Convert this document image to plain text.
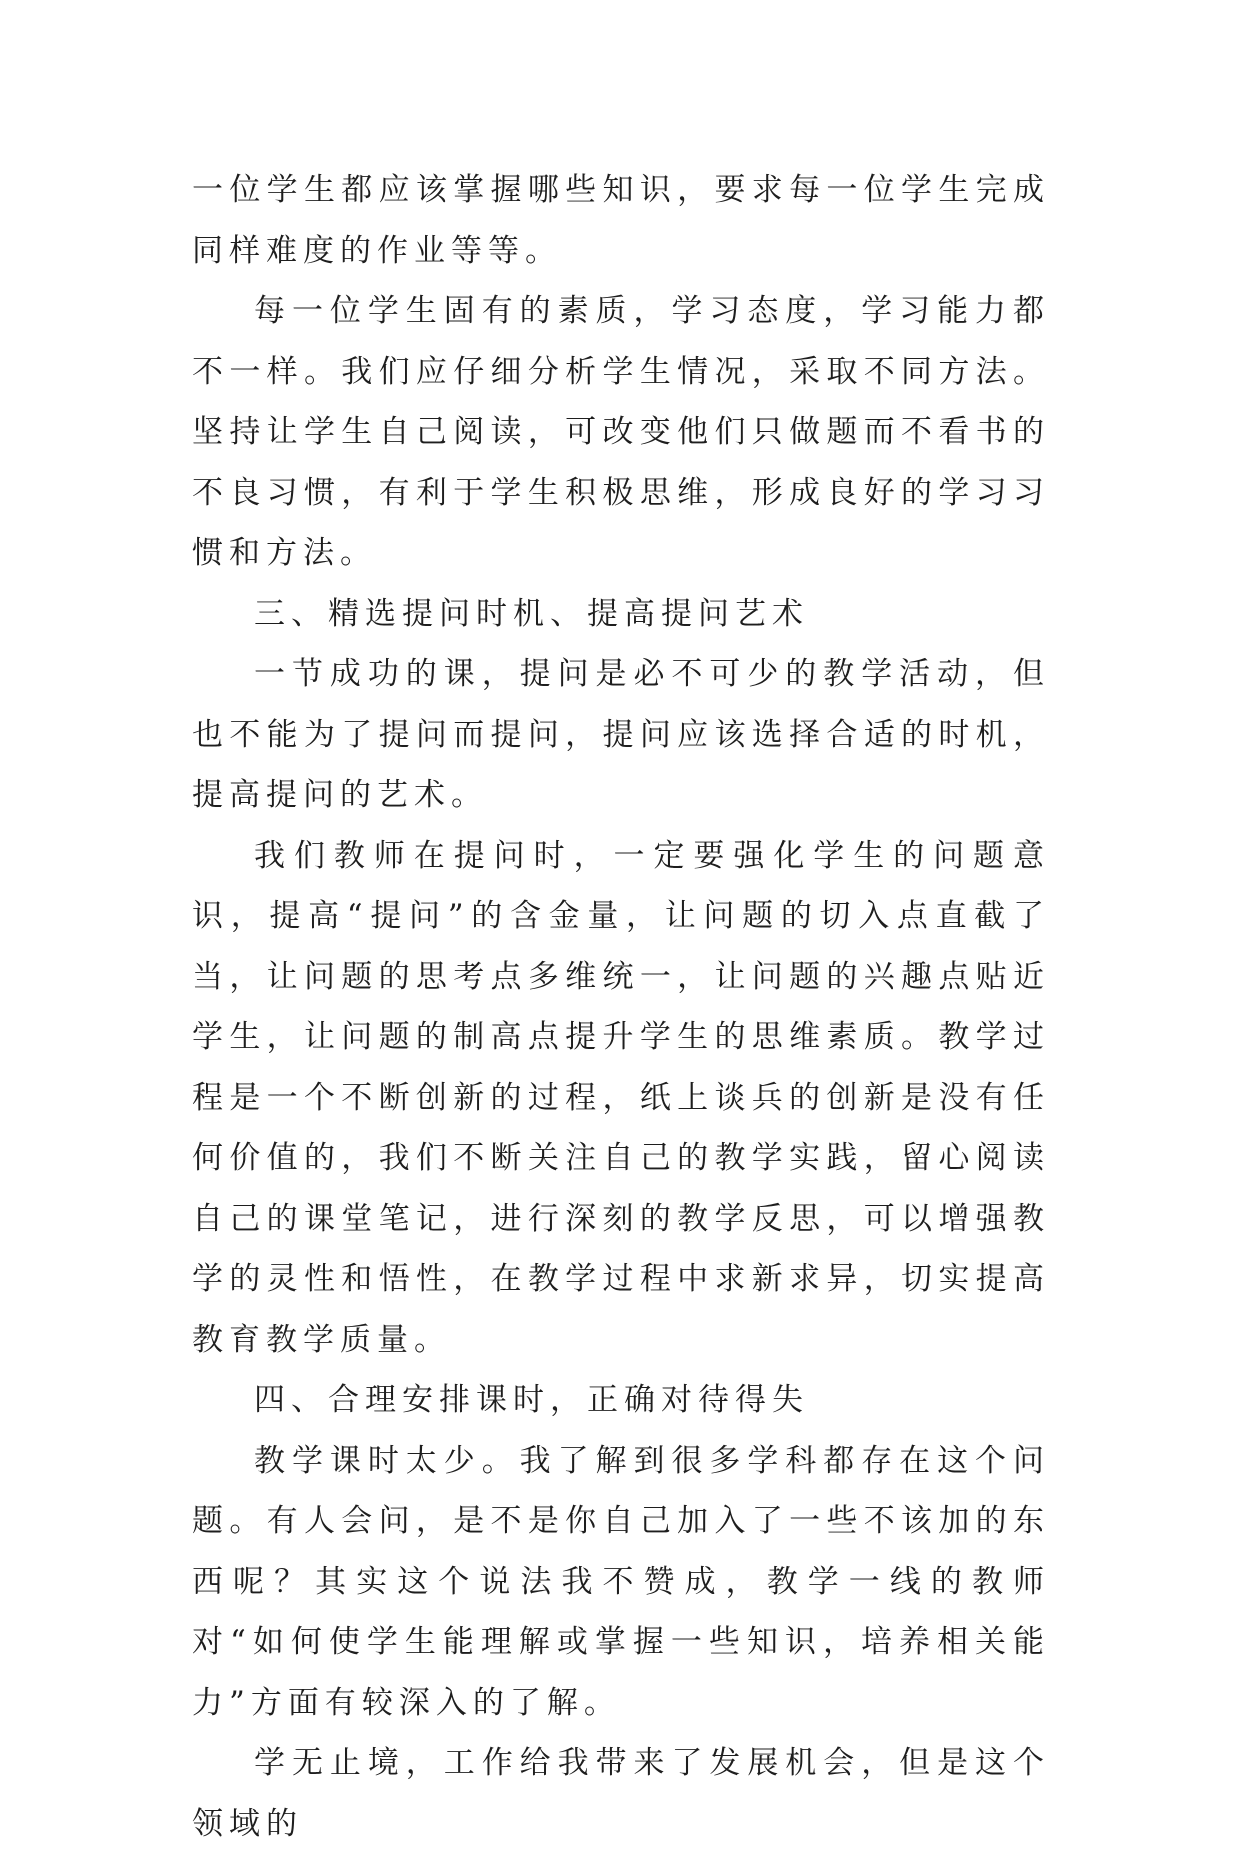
一位学生都应该掌握哪些知识，要求每一位学生完成同样难度的作业等等。

每一位学生固有的素质，学习态度，学习能力都不一样。我们应仔细分析学生情况，采取不同方法。坚持让学生自己阅读，可改变他们只做题而不看书的不良习惯，有利于学生积极思维，形成良好的学习习惯和方法。

三、精选提问时机、提高提问艺术

一节成功的课，提问是必不可少的教学活动，但也不能为了提问而提问，提问应该选择合适的时机，提高提问的艺术。

我们教师在提问时，一定要强化学生的问题意识，提高“提问”的含金量，让问题的切入点直截了当，让问题的思考点多维统一，让问题的兴趣点贴近学生，让问题的制高点提升学生的思维素质。教学过程是一个不断创新的过程，纸上谈兵的创新是没有任何价值的，我们不断关注自己的教学实践，留心阅读自己的课堂笔记，进行深刻的教学反思，可以增强教学的灵性和悟性，在教学过程中求新求异，切实提高教育教学质量。

四、合理安排课时，正确对待得失

教学课时太少。我了解到很多学科都存在这个问题。有人会问，是不是你自己加入了一些不该加的东西呢？其实这个说法我不赞成，教学一线的教师对“如何使学生能理解或掌握一些知识，培养相关能力”方面有较深入的了解。

学无止境，工作给我带来了发展机会，但是这个领域的
